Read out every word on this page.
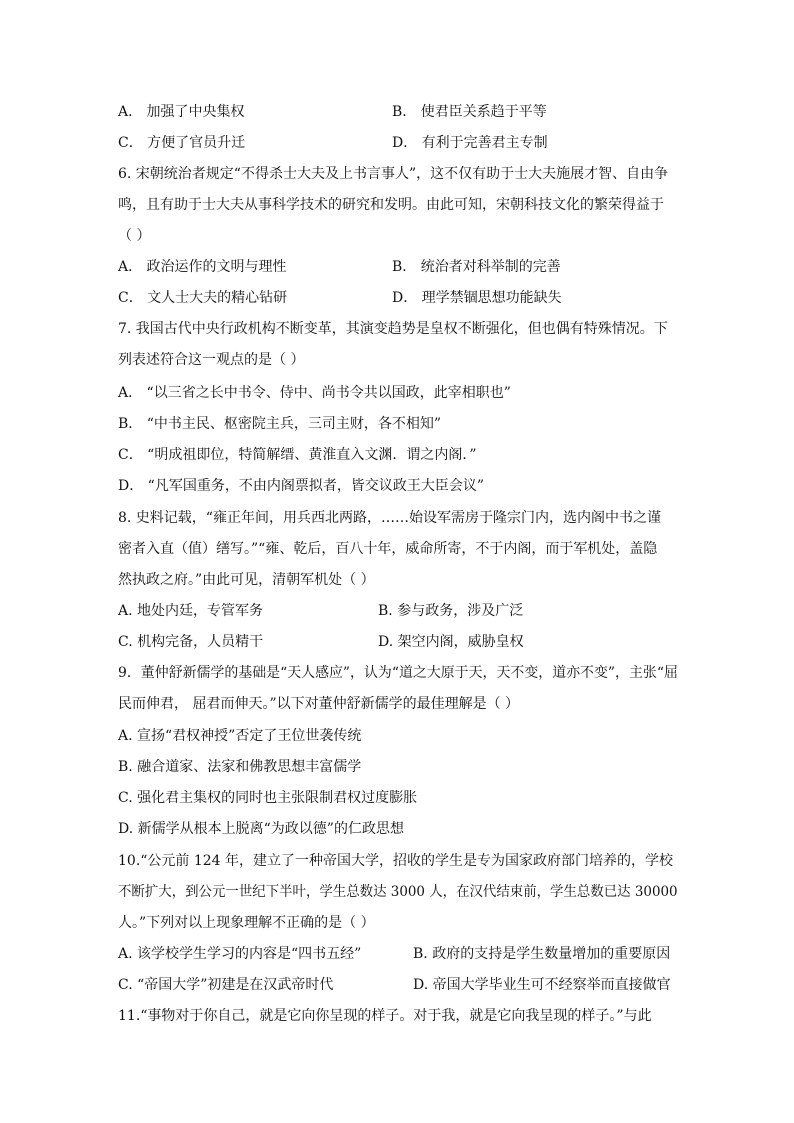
A． 加强了中央集权	B． 使君臣关系趋于平等
C． 方便了官员升迁	D． 有利于完善君主专制
6. 宋朝统治者规定“不得杀士大夫及上书言事人”，这不仅有助于士大夫施展才智、自由争
鸣，且有助于士大夫从事科学技术的研究和发明。由此可知，宋朝科技文化的繁荣得益于
（ ）
A． 政治运作的文明与理性	B． 统治者对科举制的完善
C． 文人士大夫的精心钻研	D． 理学禁锢思想功能缺失
7. 我国古代中央行政机构不断变革，其演变趋势是皇权不断强化，但也偶有特殊情况。下
列表述符合这一观点的是（ ）
A． “以三省之长中书令、侍中、尚书令共以国政，此宰相职也”
B． “中书主民、枢密院主兵，三司主财，各不相知”
C． “明成祖即位，特简解缙、黄淮直入文渊．谓之内阁．”
D． “凡军国重务，不由内阁票拟者，皆交议政王大臣会议”
8. 史料记载，“雍正年间，用兵西北两路，……始设军需房于隆宗门内，选内阁中书之谨
密者入直（值）缮写。”“雍、乾后，百八十年，威命所寄，不于内阁，而于军机处，盖隐
然执政之府。”由此可见，清朝军机处（ ）
A. 地处内廷，专管军务	B. 参与政务，涉及广泛
C. 机构完备，人员精干	D. 架空内阁，威胁皇权
9．董仲舒新儒学的基础是“天人感应”，认为“道之大原于天，天不变，道亦不变”，主张“屈
民而伸君， 屈君而伸天。”以下对董仲舒新儒学的最佳理解是（ ）
A. 宣扬“君权神授”否定了王位世袭传统
B. 融合道家、法家和佛教思想丰富儒学
C. 强化君主集权的同时也主张限制君权过度膨胀
D. 新儒学从根本上脱离“为政以德”的仁政思想
10.“公元前 124 年，建立了一种帝国大学，招收的学生是专为国家政府部门培养的，学校
不断扩大，到公元一世纪下半叶，学生总数达 3000 人，在汉代结束前，学生总数已达 30000
人。”下列对以上现象理解不正确的是（ ）
A. 该学校学生学习的内容是“四书五经”	B. 政府的支持是学生数量增加的重要原因
C. “帝国大学”初建是在汉武帝时代	D. 帝国大学毕业生可不经察举而直接做官
11.“事物对于你自己，就是它向你呈现的样子。对于我，就是它向我呈现的样子。”与此
